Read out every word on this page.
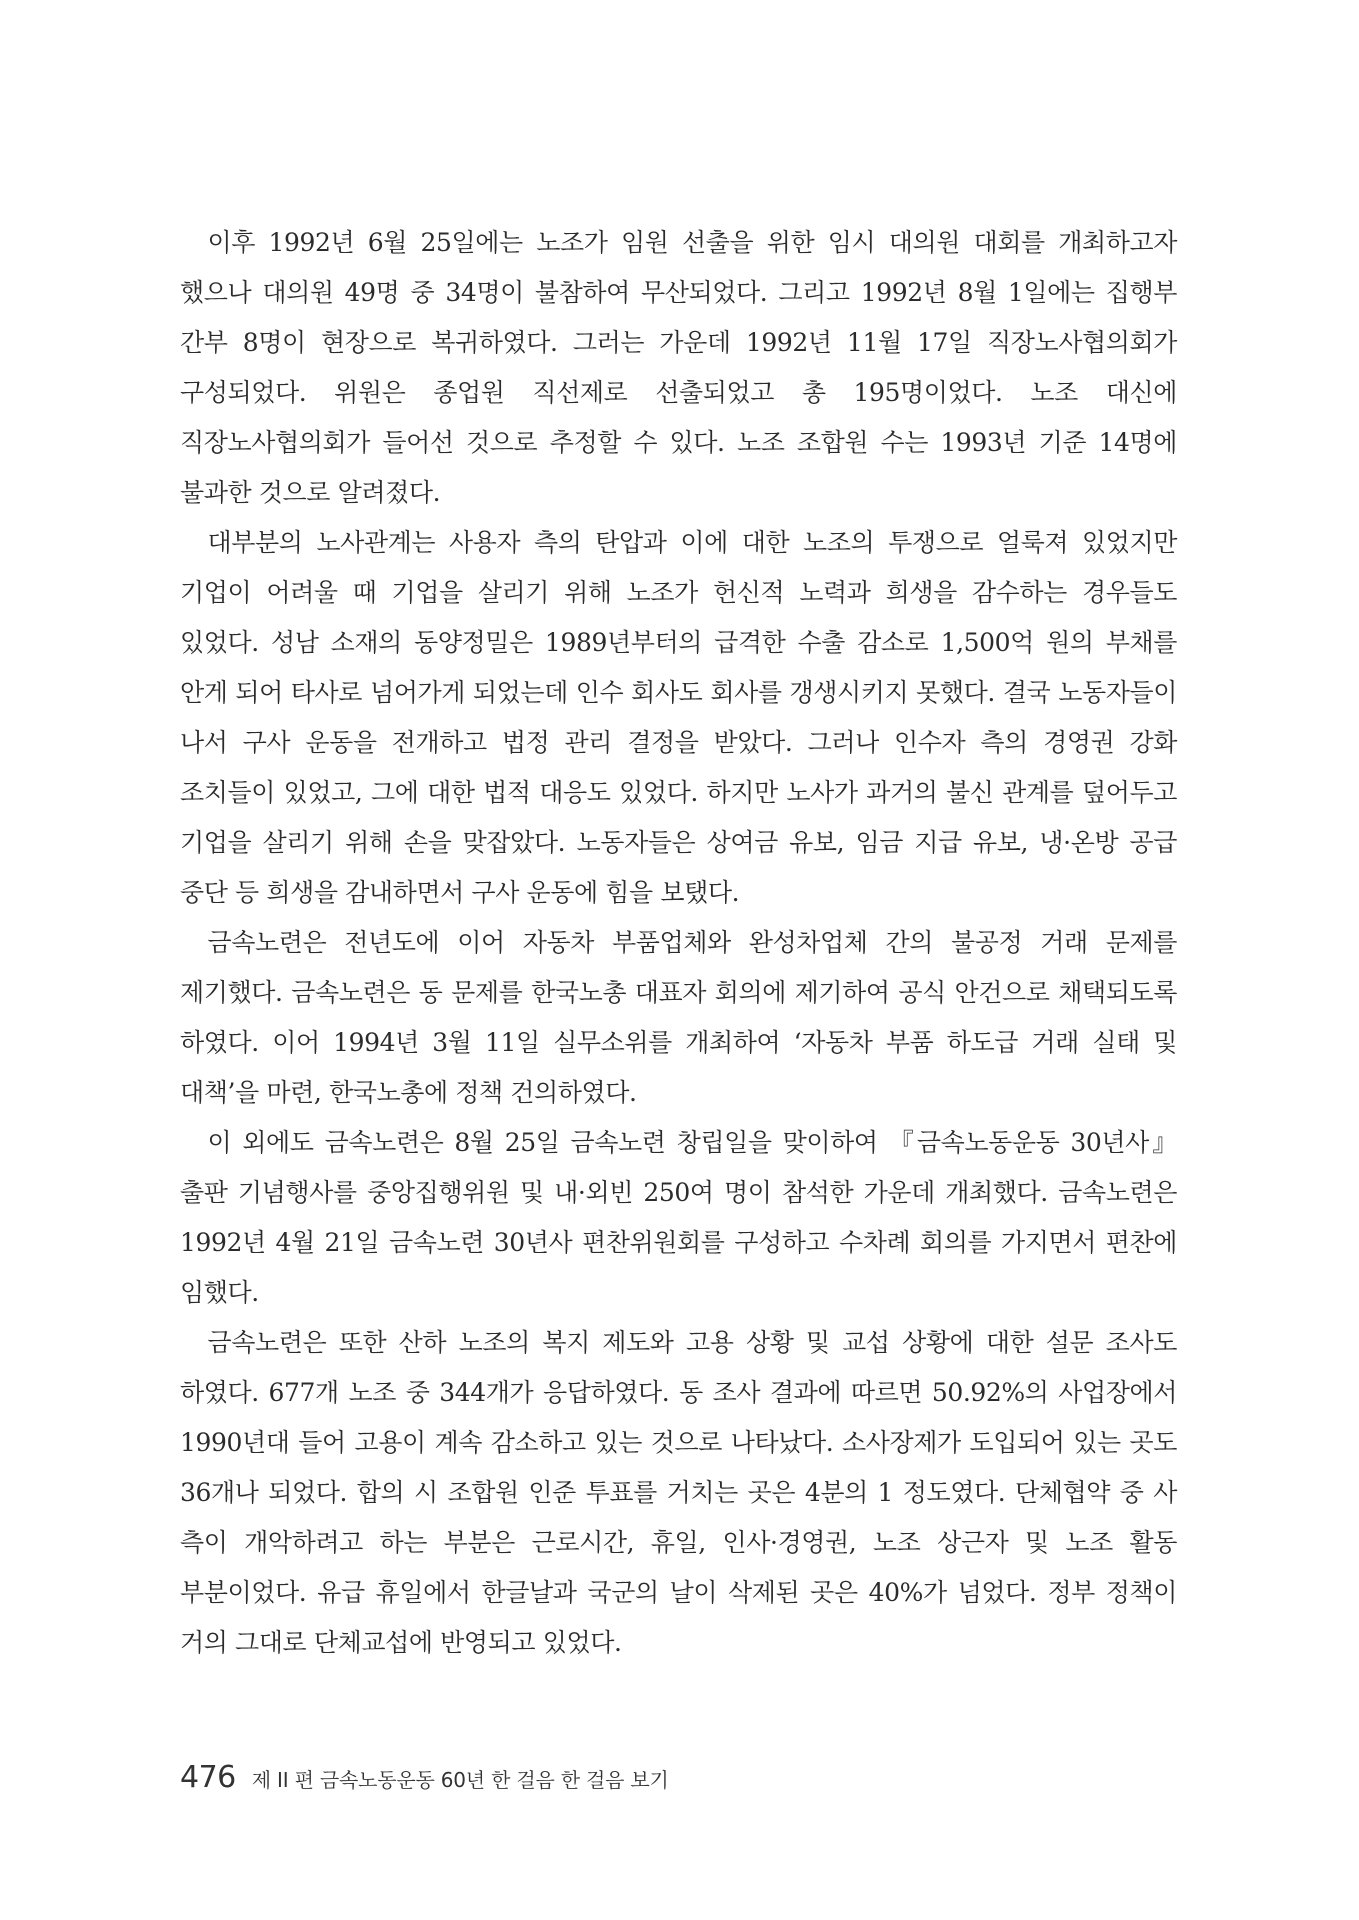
이후 1992년 6월 25일에는 노조가 임원 선출을 위한 임시 대의원 대회를 개최하고자 했으나 대의원 49명 중 34명이 불참하여 무산되었다. 그리고 1992년 8월 1일에는 집행부 간부 8명이 현장으로 복귀하였다. 그러는 가운데 1992년 11월 17일 직장노사협의회가 구성되었다. 위원은 종업원 직선제로 선출되었고 총 195명이었다. 노조 대신에 직장노사협의회가 들어선 것으로 추정할 수 있다. 노조 조합원 수는 1993년 기준 14명에 불과한 것으로 알려졌다.

대부분의 노사관계는 사용자 측의 탄압과 이에 대한 노조의 투쟁으로 얼룩져 있었지만 기업이 어려울 때 기업을 살리기 위해 노조가 헌신적 노력과 희생을 감수하는 경우들도 있었다. 성남 소재의 동양정밀은 1989년부터의 급격한 수출 감소로 1,500억 원의 부채를 안게 되어 타사로 넘어가게 되었는데 인수 회사도 회사를 갱생시키지 못했다. 결국 노동자들이 나서 구사 운동을 전개하고 법정 관리 결정을 받았다. 그러나 인수자 측의 경영권 강화 조치들이 있었고, 그에 대한 법적 대응도 있었다. 하지만 노사가 과거의 불신 관계를 덮어두고 기업을 살리기 위해 손을 맞잡았다. 노동자들은 상여금 유보, 임금 지급 유보, 냉·온방 공급 중단 등 희생을 감내하면서 구사 운동에 힘을 보탰다.

금속노련은 전년도에 이어 자동차 부품업체와 완성차업체 간의 불공정 거래 문제를 제기했다. 금속노련은 동 문제를 한국노총 대표자 회의에 제기하여 공식 안건으로 채택되도록 하였다. 이어 1994년 3월 11일 실무소위를 개최하여 ‘자동차 부품 하도급 거래 실태 및 대책’을 마련, 한국노총에 정책 건의하였다.

이 외에도 금속노련은 8월 25일 금속노련 창립일을 맞이하여 『금속노동운동 30년사』 출판 기념행사를 중앙집행위원 및 내·외빈 250여 명이 참석한 가운데 개최했다. 금속노련은 1992년 4월 21일 금속노련 30년사 편찬위원회를 구성하고 수차례 회의를 가지면서 편찬에 임했다.

금속노련은 또한 산하 노조의 복지 제도와 고용 상황 및 교섭 상황에 대한 설문 조사도 하였다. 677개 노조 중 344개가 응답하였다. 동 조사 결과에 따르면 50.92%의 사업장에서 1990년대 들어 고용이 계속 감소하고 있는 것으로 나타났다. 소사장제가 도입되어 있는 곳도 36개나 되었다. 합의 시 조합원 인준 투표를 거치는 곳은 4분의 1 정도였다. 단체협약 중 사 측이 개악하려고 하는 부분은 근로시간, 휴일, 인사·경영권, 노조 상근자 및 노조 활동 부분이었다. 유급 휴일에서 한글날과 국군의 날이 삭제된 곳은 40%가 넘었다. 정부 정책이 거의 그대로 단체교섭에 반영되고 있었다.

476 제 II 편 금속노동운동 60년 한 걸음 한 걸음 보기
